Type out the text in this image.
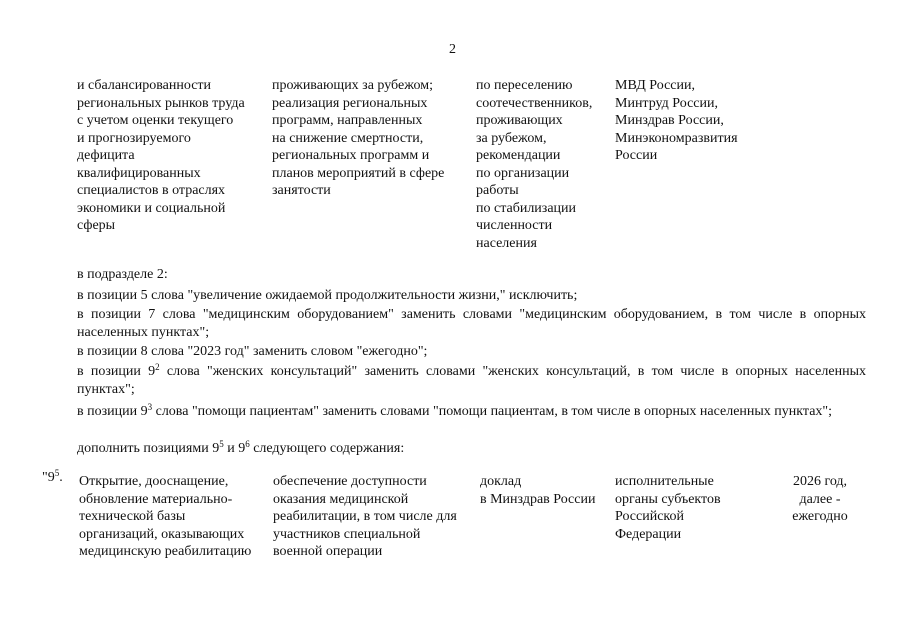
2
и сбалансированности
региональных рынков труда
с учетом оценки текущего
и прогнозируемого
дефицита
квалифицированных
специалистов в отраслях
экономики и социальной
сферы
проживающих за рубежом;
реализация региональных
программ, направленных
на снижение смертности,
региональных программ и
планов мероприятий в сфере
занятости
по переселению
соотечественников,
проживающих
за рубежом,
рекомендации
по организации
работы
по стабилизации
численности
населения
МВД России,
Минтруд России,
Минздрав России,
Минэкономразвития
России
в подразделе 2:
в позиции 5 слова "увеличение ожидаемой продолжительности жизни," исключить;
в позиции 7 слова "медицинским оборудованием" заменить словами "медицинским оборудованием, в том числе в опорных населенных пунктах";
в позиции 8 слова "2023 год" заменить словом "ежегодно";
в позиции $9^2$ слова "женских консультаций" заменить словами "женских консультаций, в том числе в опорных населенных пунктах";
в позиции $9^3$ слова "помощи пациентам" заменить словами "помощи пациентам, в том числе в опорных населенных пунктах";
дополнить позициями $9^5$ и $9^6$ следующего содержания:
"$9^5$.	Открытие, дооснащение,
обновление материально-
технической базы
организаций, оказывающих
медицинскую реабилитацию
обеспечение доступности
оказания медицинской
реабилитации, в том числе для
участников специальной
военной операции
доклад
в Минздрав России
исполнительные
органы субъектов
Российской
Федерации
2026 год,
далее -
ежегодно
